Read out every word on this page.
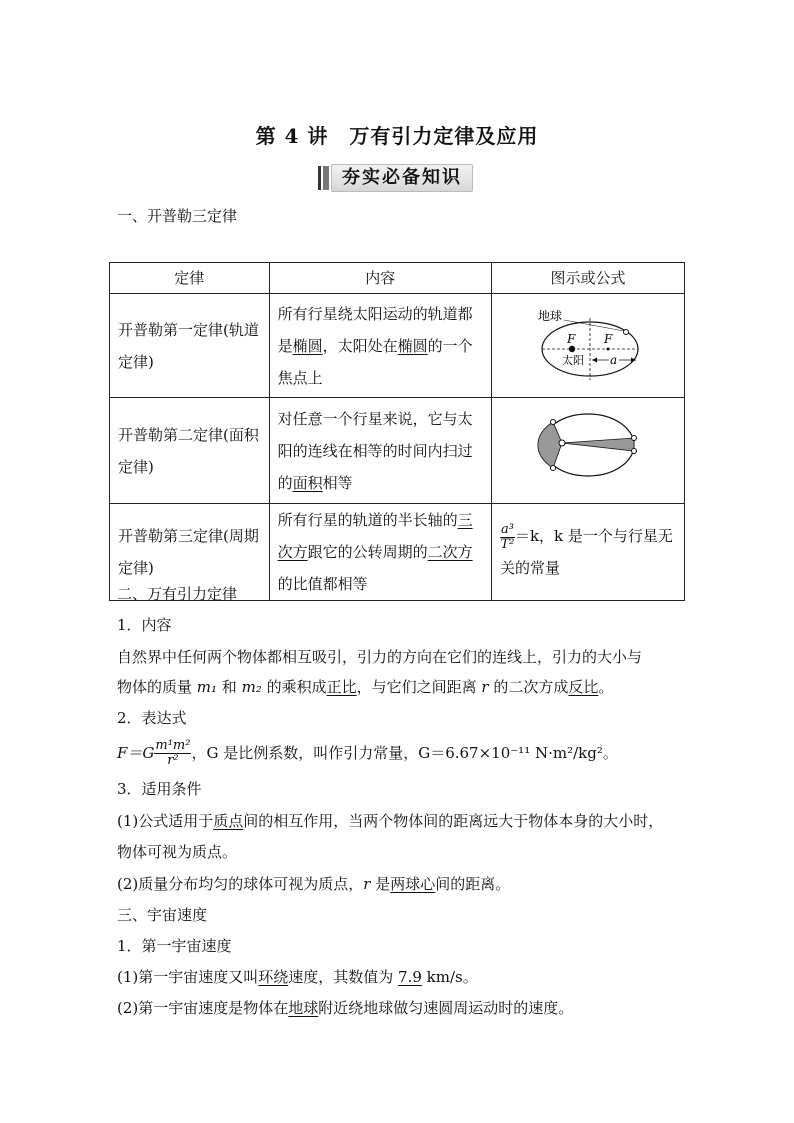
第 4 讲　万有引力定律及应用
夯实必备知识
一、开普勒三定律
定律	内容	图示或公式
开普勒第一定律(轨道定律)	所有行星绕太阳运动的轨道都是椭圆，太阳处在椭圆的一个焦点上	地球
F F
太阳 a

开普勒第二定律(面积定律)	对任意一个行星来说，它与太阳的连线在相等的时间内扫过的面积相等	
开普勒第三定律(周期定律)	所有行星的轨道的半长轴的三次方跟它的公转周期的二次方的比值都相等	$\frac{\text{a³}}{\text{T²}} =k$，k 是一个与行星无关的常量
二、万有引力定律
1．内容
自然界中任何两个物体都相互吸引，引力的方向在它们的连线上，引力的大小与
物体的质量 m₁ 和 m₂ 的乘积成正比，与它们之间距离 r 的二次方成反比。
2．表达式
$F=G \frac{\text{m¹m²}}{\text{r²}}$ ，G 是比例系数，叫作引力常量，G＝6.67×10⁻¹¹ N·m²/kg²。
3．适用条件
(1)公式适用于质点间的相互作用，当两个物体间的距离远大于物体本身的大小时，
物体可视为质点。
(2)质量分布均匀的球体可视为质点，r 是两球心间的距离。
三、宇宙速度
1．第一宇宙速度
(1)第一宇宙速度又叫环绕速度，其数值为 7.9 km/s。
(2)第一宇宙速度是物体在地球附近绕地球做匀速圆周运动时的速度。
